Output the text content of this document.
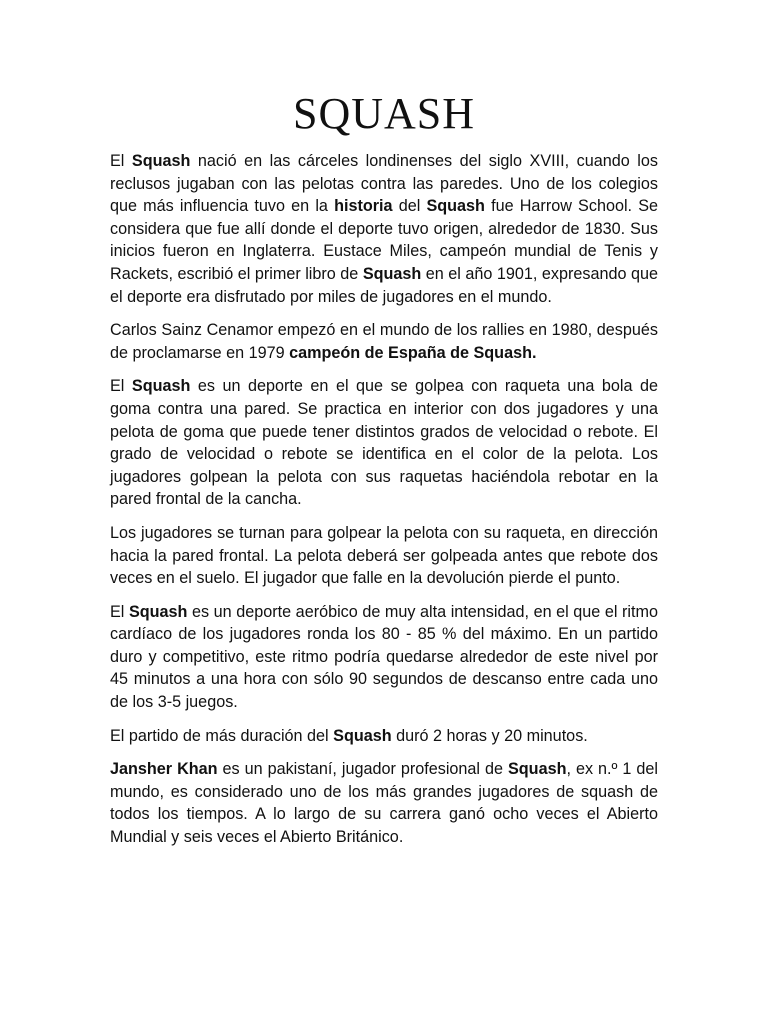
SQUASH

El Squash nació en las cárceles londinenses del siglo XVIII, cuando los reclusos jugaban con las pelotas contra las paredes. Uno de los colegios que más influencia tuvo en la historia del Squash fue Harrow School. Se considera que fue allí donde el deporte tuvo origen, alrededor de 1830. Sus inicios fueron en Inglaterra. Eustace Miles, campeón mundial de Tenis y Rackets, escribió el primer libro de Squash en el año 1901, expresando que el deporte era disfrutado por miles de jugadores en el mundo.

Carlos Sainz Cenamor empezó en el mundo de los rallies en 1980, después de proclamarse en 1979 campeón de España de Squash.

El Squash es un deporte en el que se golpea con raqueta una bola de goma contra una pared. Se practica en interior con dos jugadores y una pelota de goma que puede tener distintos grados de velocidad o rebote. El grado de velocidad o rebote se identifica en el color de la pelota. Los jugadores golpean la pelota con sus raquetas haciéndola rebotar en la pared frontal de la cancha.

Los jugadores se turnan para golpear la pelota con su raqueta, en dirección hacia la pared frontal. La pelota deberá ser golpeada antes que rebote dos veces en el suelo. El jugador que falle en la devolución pierde el punto.

El Squash es un deporte aeróbico de muy alta intensidad, en el que el ritmo cardíaco de los jugadores ronda los 80 - 85 % del máximo. En un partido duro y competitivo, este ritmo podría quedarse alrededor de este nivel por 45 minutos a una hora con sólo 90 segundos de descanso entre cada uno de los 3-5 juegos.

El partido de más duración del Squash duró 2 horas y 20 minutos.

Jansher Khan es un pakistaní, jugador profesional de Squash, ex n.º 1 del mundo, es considerado uno de los más grandes jugadores de squash de todos los tiempos. A lo largo de su carrera ganó ocho veces el Abierto Mundial y seis veces el Abierto Británico.
